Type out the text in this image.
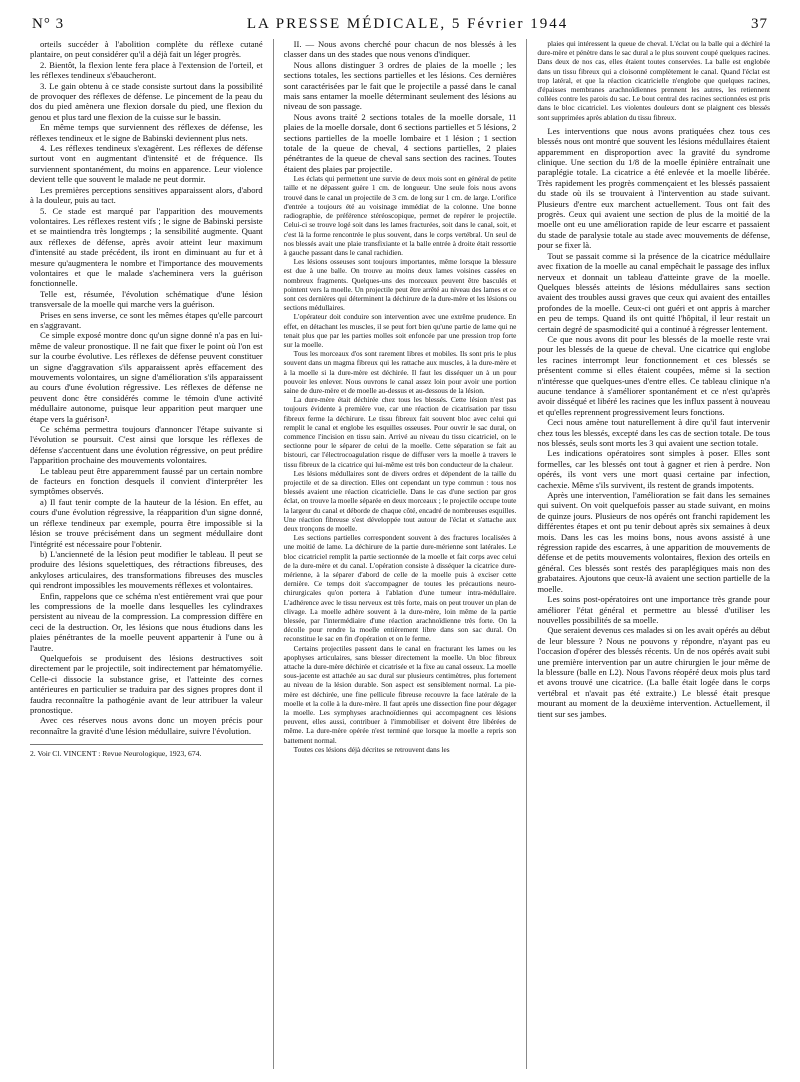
N° 3	LA PRESSE MÉDICALE, 5 Février 1944	37

orteils succéder à l'abolition complète du réflexe cutané plantaire, on peut considérer qu'il a déjà fait un léger progrès.

2. Bientôt, la flexion lente fera place à l'extension de l'orteil, et les réflexes tendineux s'ébaucheront.

3. Le gain obtenu à ce stade consiste surtout dans la possibilité de provoquer des réflexes de défense. Le pincement de la peau du dos du pied amènera une flexion dorsale du pied, une flexion du genou et plus tard une flexion de la cuisse sur le bassin.

En même temps que surviennent des réflexes de défense, les réflexes tendineux et le signe de Babinski deviennent plus nets.

4. Les réflexes tendineux s'exagèrent. Les réflexes de défense surtout vont en augmentant d'intensité et de fréquence. Ils surviennent spontanément, du moins en apparence. Leur violence devient telle que souvent le malade ne peut dormir.

Les premières perceptions sensitives apparaissent alors, d'abord à la douleur, puis au tact.

5. Ce stade est marqué par l'apparition des mouvements volontaires. Les réflexes restent vifs ; le signe de Babinski persiste et se maintiendra très longtemps ; la sensibilité augmente. Quant aux réflexes de défense, après avoir atteint leur maximum d'intensité au stade précédent, ils iront en diminuant au fur et à mesure qu'augmentera le nombre et l'importance des mouvements volontaires et que le malade s'acheminera vers la guérison fonctionnelle.

Telle est, résumée, l'évolution schématique d'une lésion transversale de la moelle qui marche vers la guérison.

Prises en sens inverse, ce sont les mêmes étapes qu'elle parcourt en s'aggravant.

Ce simple exposé montre donc qu'un signe donné n'a pas en lui-même de valeur pronostique. Il ne fait que fixer le point où l'on est sur la courbe évolutive. Les réflexes de défense peuvent constituer un signe d'aggravation s'ils apparaissent après effacement des mouvements volontaires, un signe d'amélioration s'ils apparaissent au cours d'une évolution régressive. Les réflexes de défense ne peuvent donc être considérés comme le témoin d'une activité médullaire autonome, puisque leur apparition peut marquer une étape vers la guérison².

Ce schéma permettra toujours d'annoncer l'étape suivante si l'évolution se poursuit. C'est ainsi que lorsque les réflexes de défense s'accentuent dans une évolution régressive, on peut prédire l'apparition prochaine des mouvements volontaires.

Le tableau peut être apparemment faussé par un certain nombre de facteurs en fonction desquels il convient d'interpréter les symptômes observés.

a) Il faut tenir compte de la hauteur de la lésion. En effet, au cours d'une évolution régressive, la réapparition d'un signe donné, un réflexe tendineux par exemple, pourra être impossible si la lésion se trouve précisément dans un segment médullaire dont l'intégrité est nécessaire pour l'obtenir.

b) L'ancienneté de la lésion peut modifier le tableau. Il peut se produire des lésions squelettiques, des rétractions fibreuses, des ankyloses articulaires, des transformations fibreuses des muscles qui rendront impossibles les mouvements réflexes et volontaires.

Enfin, rappelons que ce schéma n'est entièrement vrai que pour les compressions de la moelle dans lesquelles les cylindraxes persistent au niveau de la compression. La compression diffère en ceci de la destruction. Or, les lésions que nous étudions dans les plaies pénétrantes de la moelle peuvent appartenir à l'une ou à l'autre.

Quelquefois se produisent des lésions destructives soit directement par le projectile, soit indirectement par hématomyélie. Celle-ci dissocie la substance grise, et l'atteinte des cornes antérieures en particulier se traduira par des signes propres dont il faudra reconnaître la pathogénie avant de leur attribuer la valeur pronostique.

Avec ces réserves nous avons donc un moyen précis pour reconnaître la gravité d'une lésion médullaire, suivre l'évolution.

2. Voir Cl. VINCENT : Revue Neurologique, 1923, 674.

II. — Nous avons cherché pour chacun de nos blessés à les classer dans un des stades que nous venons d'indiquer.

Nous allons distinguer 3 ordres de plaies de la moelle ; les sections totales, les sections partielles et les lésions. Ces dernières sont caractérisées par le fait que le projectile a passé dans le canal mais sans entamer la moelle déterminant seulement des lésions au niveau de son passage.

Nous avons traité 2 sections totales de la moelle dorsale, 11 plaies de la moelle dorsale, dont 6 sections partielles et 5 lésions, 2 sections partielles de la moelle lombaire et 1 lésion ; 1 section totale de la queue de cheval, 4 sections partielles, 2 plaies pénétrantes de la queue de cheval sans section des racines. Toutes étaient des plaies par projectile.

Les éclats qui permettent une survie de deux mois sont en général de petite taille et ne dépassent guère 1 cm. de longueur. Une seule fois nous avons trouvé dans le canal un projectile de 3 cm. de long sur 1 cm. de large. L'orifice d'entrée a toujours été au voisinage immédiat de la colonne. Une bonne radiographie, de préférence stéréoscopique, permet de repérer le projectile. Celui-ci se trouve logé soit dans les lames fracturées, soit dans le canal, soit, et c'est là la forme rencontrée le plus souvent, dans le corps vertébral. Un seul de nos blessés avait une plaie transfixiante et la balle entrée à droite était ressortie à gauche passant dans le canal rachidien.

Les lésions osseuses sont toujours importantes, même lorsque la blessure est due à une balle. On trouve au moins deux lames voisines cassées en nombreux fragments. Quelques-uns des morceaux peuvent être basculés et pointent vers la moelle. Un projectile peut être arrêté au niveau des lames et ce sont ces dernières qui déterminent la déchirure de la dure-mère et les lésions ou sections médullaires.

L'opérateur doit conduire son intervention avec une extrême prudence. En effet, en détachant les muscles, il se peut fort bien qu'une partie de lame qui ne tenait plus que par les parties molles soit enfoncée par une pression trop forte sur la moelle.

Tous les morceaux d'os sont rarement libres et mobiles. Ils sont pris le plus souvent dans un magma fibreux qui les rattache aux muscles, à la dure-mère et à la moelle si la dure-mère est déchirée. Il faut les disséquer un à un pour pouvoir les enlever. Nous ouvrons le canal assez loin pour avoir une portion saine de dure-mère et de moelle au-dessus et au-dessous de la lésion.

La dure-mère était déchirée chez tous les blessés. Cette lésion n'est pas toujours évidente à première vue, car une réaction de cicatrisation par tissu fibreux ferme la déchirure. Le tissu fibreux fait souvent bloc avec celui qui remplit le canal et englobe les esquilles osseuses. Pour ouvrir le sac dural, on commence l'incision en tissu sain. Arrivé au niveau du tissu cicatriciel, on le sectionne pour le séparer de celui de la moelle. Cette séparation se fait au bistouri, car l'électrocoagulation risque de diffuser vers la moelle à travers le tissu fibreux de la cicatrice qui lui-même est très bon conducteur de la chaleur.

Les lésions médullaires sont de divers ordres et dépendent de la taille du projectile et de sa direction. Elles ont cependant un type commun : tous nos blessés avaient une réaction cicatricielle. Dans le cas d'une section par gros éclat, on trouve la moelle séparée en deux morceaux ; le projectile occupe toute la largeur du canal et déborde de chaque côté, encadré de nombreuses esquilles. Une réaction fibreuse s'est développée tout autour de l'éclat et s'attache aux deux tronçons de moelle.

Les sections partielles correspondent souvent à des fractures localisées à une moitié de lame. La déchirure de la partie dure-mérienne sont latérales. Le bloc cicatriciel remplit la partie sectionnée de la moelle et fait corps avec celui de la dure-mère et du canal. L'opération consiste à disséquer la cicatrice dure-mérienne, à la séparer d'abord de celle de la moelle puis à exciser cette dernière. Ce temps doit s'accompagner de toutes les précautions neuro-chirurgicales qu'on portera à l'ablation d'une tumeur intra-médullaire. L'adhérence avec le tissu nerveux est très forte, mais on peut trouver un plan de clivage. La moelle adhère souvent à la dure-mère, loin même de la partie blessée, par l'intermédiaire d'une réaction arachnoïdienne très forte. On la décolle pour rendre la moelle entièrement libre dans son sac dural. On reconstitue le sac en fin d'opération et on le ferme.

Certains projectiles passent dans le canal en fracturant les lames ou les apophyses articulaires, sans blesser directement la moelle. Un bloc fibreux attache la dure-mère déchirée et cicatrisée et la fixe au canal osseux. La moelle sous-jacente est attachée au sac dural sur plusieurs centimètres, plus fortement au niveau de la lésion durable. Son aspect est sensiblement normal. La pie-mère est déchirée, une fine pellicule fibreuse recouvre la face latérale de la moelle et la colle à la dure-mère. Il faut après une dissection fine pour dégager la moelle. Les symphyses arachnoïdiennes qui accompagnent ces lésions peuvent, elles aussi, contribuer à l'immobiliser et doivent être libérées de même. La dure-mère opérée n'est terminé que lorsque la moelle a repris son battement normal.

Toutes ces lésions déjà décrites se retrouvent dans les

plaies qui intéressent la queue de cheval. L'éclat ou la balle qui a déchiré la dure-mère et pénètre dans le sac dural a le plus souvent coupé quelques racines. Dans deux de nos cas, elles étaient toutes conservées. La balle est englobée dans un tissu fibreux qui a cloisonné complètement le canal. Quand l'éclat est trop latéral, et que la réaction cicatricielle n'englobe que quelques racines, d'épaisses membranes arachnoïdiennes prennent les autres, les retiennent collées contre les parois du sac. Le bout central des racines sectionnées est pris dans le bloc cicatriciel. Les violentes douleurs dont se plaignent ces blessés sont supprimées après ablation du tissu fibreux.

Les interventions que nous avons pratiquées chez tous ces blessés nous ont montré que souvent les lésions médullaires étaient apparemment en disproportion avec la gravité du syndrome clinique. Une section du 1/8 de la moelle épinière entraînait une paraplégie totale. La cicatrice a été enlevée et la moelle libérée. Très rapidement les progrès commençaient et les blessés passaient du stade où ils se trouvaient à l'intervention au stade suivant. Plusieurs d'entre eux marchent actuellement. Tous ont fait des progrès. Ceux qui avaient une section de plus de la moitié de la moelle ont eu une amélioration rapide de leur escarre et passaient du stade de paralysie totale au stade avec mouvements de défense, pour se fixer là.

Tout se passait comme si la présence de la cicatrice médullaire avec fixation de la moelle au canal empêchait le passage des influx nerveux et donnait un tableau d'atteinte grave de la moelle. Quelques blessés atteints de lésions médullaires sans section avaient des troubles aussi graves que ceux qui avaient des entailles profondes de la moelle. Ceux-ci ont guéri et ont appris à marcher en peu de temps. Quand ils ont quitté l'hôpital, il leur restait un certain degré de spasmodicité qui a continué à régresser lentement.

Ce que nous avons dit pour les blessés de la moelle reste vrai pour les blessés de la queue de cheval. Une cicatrice qui englobe les racines interrompt leur fonctionnement et ces blessés se présentent comme si elles étaient coupées, même si la section n'intéresse que quelques-unes d'entre elles. Ce tableau clinique n'a aucune tendance à s'améliorer spontanément et ce n'est qu'après avoir disséqué et libéré les racines que les influx passent à nouveau et qu'elles reprennent progressivement leurs fonctions.

Ceci nous amène tout naturellement à dire qu'il faut intervenir chez tous les blessés, excepté dans les cas de section totale. De tous nos blessés, seuls sont morts les 3 qui avaient une section totale.

Les indications opératoires sont simples à poser. Elles sont formelles, car les blessés ont tout à gagner et rien à perdre. Non opérés, ils vont vers une mort quasi certaine par infection, cachexie. Même s'ils survivent, ils restent de grands impotents.

Après une intervention, l'amélioration se fait dans les semaines qui suivent. On voit quelquefois passer au stade suivant, en moins de quinze jours. Plusieurs de nos opérés ont franchi rapidement les différentes étapes et ont pu tenir debout après six semaines à deux mois. Dans les cas les moins bons, nous avons assisté à une régression rapide des escarres, à une apparition de mouvements de défense et de petits mouvements volontaires, flexion des orteils en général. Ces blessés sont restés des paraplégiques mais non des grabataires. Ajoutons que ceux-là avaient une section partielle de la moelle.

Les soins post-opératoires ont une importance très grande pour améliorer l'état général et permettre au blessé d'utiliser les nouvelles possibilités de sa moelle.

Que seraient devenus ces malades si on les avait opérés au début de leur blessure ? Nous ne pouvons y répondre, n'ayant pas eu l'occasion d'opérer des blessés récents. Un de nos opérés avait subi une première intervention par un autre chirurgien le jour même de la blessure (balle en L2). Nous l'avons réopéré deux mois plus tard et avons trouvé une cicatrice. (La balle était logée dans le corps vertébral et n'avait pas été extraite.) Le blessé était presque mourant au moment de la deuxième intervention. Actuellement, il tient sur ses jambes.
